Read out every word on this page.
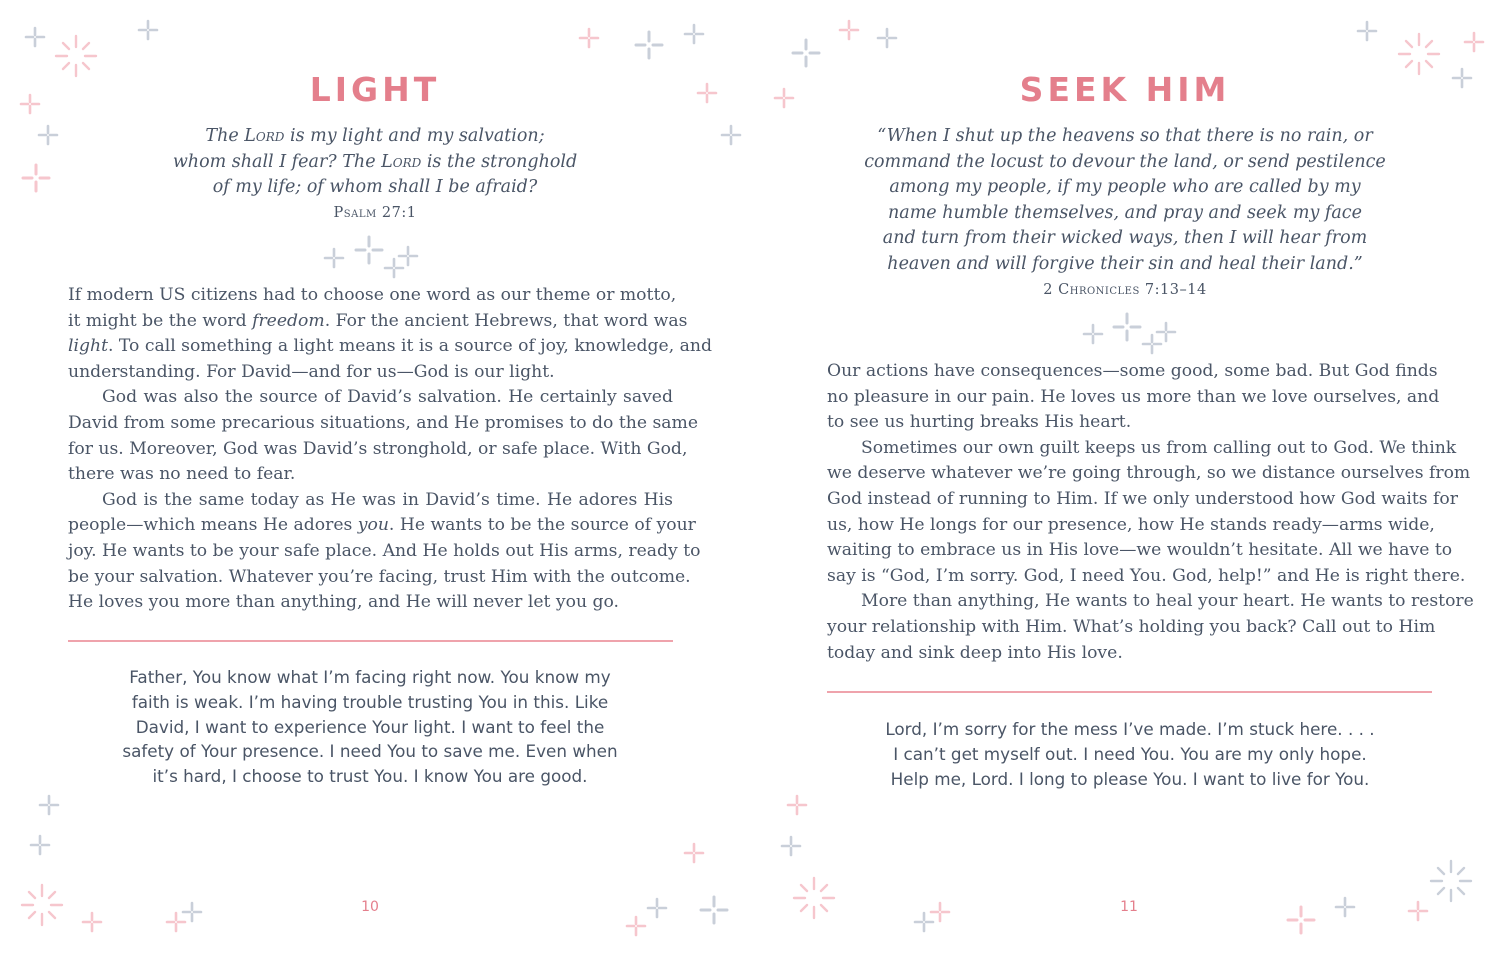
LIGHT
The Lord is my light and my salvation;
whom shall I fear? The Lord is the stronghold
of my life; of whom shall I be afraid?
Psalm 27:1
If modern US citizens had to choose one word as our theme or motto,
it might be the word freedom. For the ancient Hebrews, that word was
light. To call something a light means it is a source of joy, knowledge, and
understanding. For David—and for us—God is our light.
God was also the source of David’s salvation. He certainly saved
David from some precarious situations, and He promises to do the same
for us. Moreover, God was David’s stronghold, or safe place. With God,
there was no need to fear.
God is the same today as He was in David’s time. He adores His
people—which means He adores you. He wants to be the source of your
joy. He wants to be your safe place. And He holds out His arms, ready to
be your salvation. Whatever you’re facing, trust Him with the outcome.
He loves you more than anything, and He will never let you go.
Father, You know what I’m facing right now. You know my
faith is weak. I’m having trouble trusting You in this. Like
David, I want to experience Your light. I want to feel the
safety of Your presence. I need You to save me. Even when
it’s hard, I choose to trust You. I know You are good.
10
SEEK HIM
“When I shut up the heavens so that there is no rain, or
command the locust to devour the land, or send pestilence
among my people, if my people who are called by my
name humble themselves, and pray and seek my face
and turn from their wicked ways, then I will hear from
heaven and will forgive their sin and heal their land.”
2 Chronicles 7:13–14
Our actions have consequences—some good, some bad. But God finds
no pleasure in our pain. He loves us more than we love ourselves, and
to see us hurting breaks His heart.
Sometimes our own guilt keeps us from calling out to God. We think
we deserve whatever we’re going through, so we distance ourselves from
God instead of running to Him. If we only understood how God waits for
us, how He longs for our presence, how He stands ready—arms wide,
waiting to embrace us in His love—we wouldn’t hesitate. All we have to
say is “God, I’m sorry. God, I need You. God, help!” and He is right there.
More than anything, He wants to heal your heart. He wants to restore
your relationship with Him. What’s holding you back? Call out to Him
today and sink deep into His love.
Lord, I’m sorry for the mess I’ve made. I’m stuck here. . . .
I can’t get myself out. I need You. You are my only hope.
Help me, Lord. I long to please You. I want to live for You.
11
